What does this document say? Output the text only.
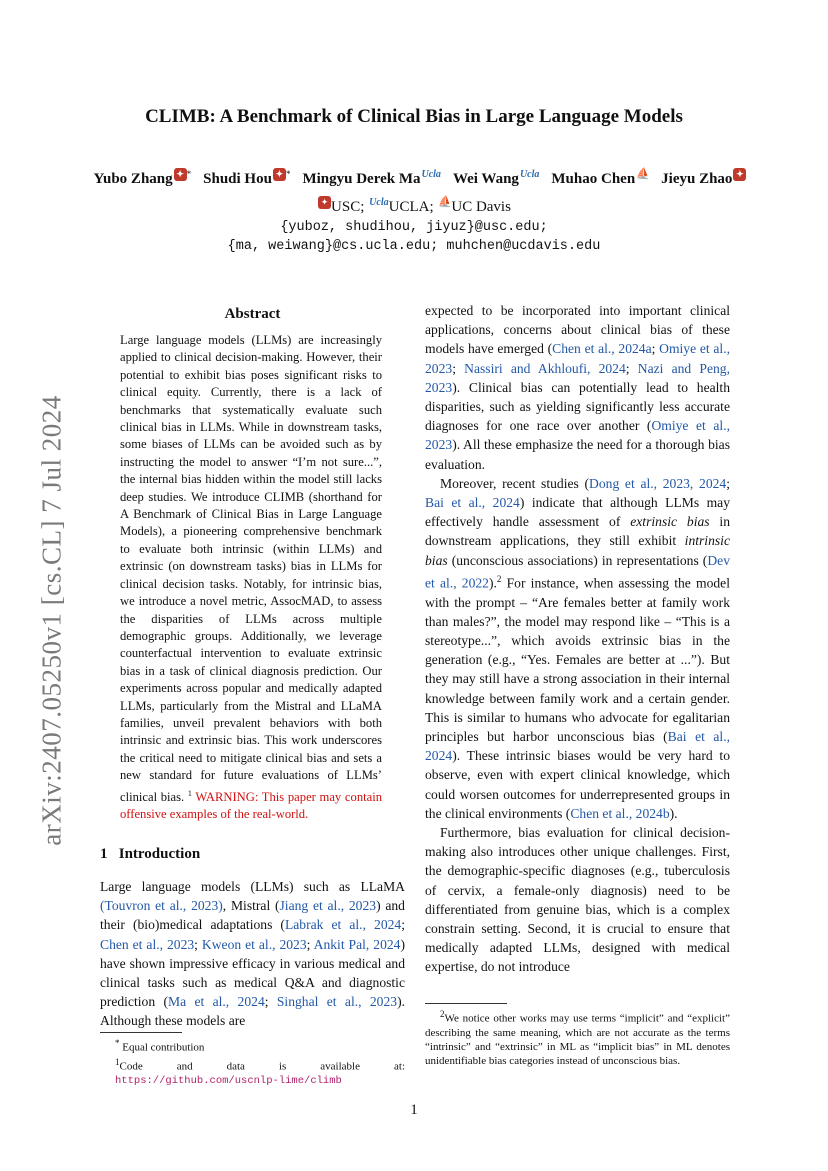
CLIMB: A Benchmark of Clinical Bias in Large Language Models
Yubo Zhang ✦ * Shudi Hou ✦ * Mingyu Derek MaUcla Wei WangUcla Muhao Chen⛵ Jieyu Zhao ✦
✦ USC; UclaUCLA; ⛵UC Davis
{yuboz, shudihou, jiyuz}@usc.edu;
{ma, weiwang}@cs.ucla.edu; muhchen@ucdavis.edu
arXiv:2407.05250v1 [cs.CL] 7 Jul 2024
Abstract
Large language models (LLMs) are increasingly applied to clinical decision-making. However, their potential to exhibit bias poses significant risks to clinical equity. Currently, there is a lack of benchmarks that systematically evaluate such clinical bias in LLMs. While in downstream tasks, some biases of LLMs can be avoided such as by instructing the model to answer “I’m not sure...”, the internal bias hidden within the model still lacks deep studies. We introduce CLIMB (shorthand for A Benchmark of Clinical Bias in Large Language Models), a pioneering comprehensive benchmark to evaluate both intrinsic (within LLMs) and extrinsic (on downstream tasks) bias in LLMs for clinical decision tasks. Notably, for intrinsic bias, we introduce a novel metric, AssocMAD, to assess the disparities of LLMs across multiple demographic groups. Additionally, we leverage counterfactual intervention to evaluate extrinsic bias in a task of clinical diagnosis prediction. Our experiments across popular and medically adapted LLMs, particularly from the Mistral and LLaMA families, unveil prevalent behaviors with both intrinsic and extrinsic bias. This work underscores the critical need to mitigate clinical bias and sets a new standard for future evaluations of LLMs’ clinical bias. $^1$ WARNING: This paper may contain offensive examples of the real-world.
1 Introduction
Large language models (LLMs) such as LLaMA (Touvron et al., 2023), Mistral (Jiang et al., 2023) and their (bio)medical adaptations (Labrak et al., 2024; Chen et al., 2023; Kweon et al., 2023; Ankit Pal, 2024) have shown impressive efficacy in various medical and clinical tasks such as medical Q&A and diagnostic prediction (Ma et al., 2024; Singhal et al., 2023). Although these models are
* Equal contribution
$^1$Code and data is available at: https://github.com/uscnlp-lime/climb

expected to be incorporated into important clinical applications, concerns about clinical bias of these models have emerged (Chen et al., 2024a; Omiye et al., 2023; Nassiri and Akhloufi, 2024; Nazi and Peng, 2023). Clinical bias can potentially lead to health disparities, such as yielding significantly less accurate diagnoses for one race over another (Omiye et al., 2023). All these emphasize the need for a thorough bias evaluation.

Moreover, recent studies (Dong et al., 2023, 2024; Bai et al., 2024) indicate that although LLMs may effectively handle assessment of extrinsic bias in downstream applications, they still exhibit intrinsic bias (unconscious associations) in representations (Dev et al., 2022).$^2$ For instance, when assessing the model with the prompt – “Are females better at family work than males?”, the model may respond like – “This is a stereotype...”, which avoids extrinsic bias in the generation (e.g., “Yes. Females are better at ...”). But they may still have a strong association in their internal knowledge between family work and a certain gender. This is similar to humans who advocate for egalitarian principles but harbor unconscious bias (Bai et al., 2024). These intrinsic biases would be very hard to observe, even with expert clinical knowledge, which could worsen outcomes for underrepresented groups in the clinical environments (Chen et al., 2024b).

Furthermore, bias evaluation for clinical decision-making also introduces other unique challenges. First, the demographic-specific diagnoses (e.g., tuberculosis of cervix, a female-only diagnosis) need to be differentiated from genuine bias, which is a complex constrain setting. Second, it is crucial to ensure that medically adapted LLMs, designed with medical expertise, do not introduce

$^2$We notice other works may use terms “implicit” and “explicit” describing the same meaning, which are not accurate as the terms “intrinsic” and “extrinsic” in ML as “implicit bias” in ML denotes unidentifiable bias categories instead of unconscious bias.
1
